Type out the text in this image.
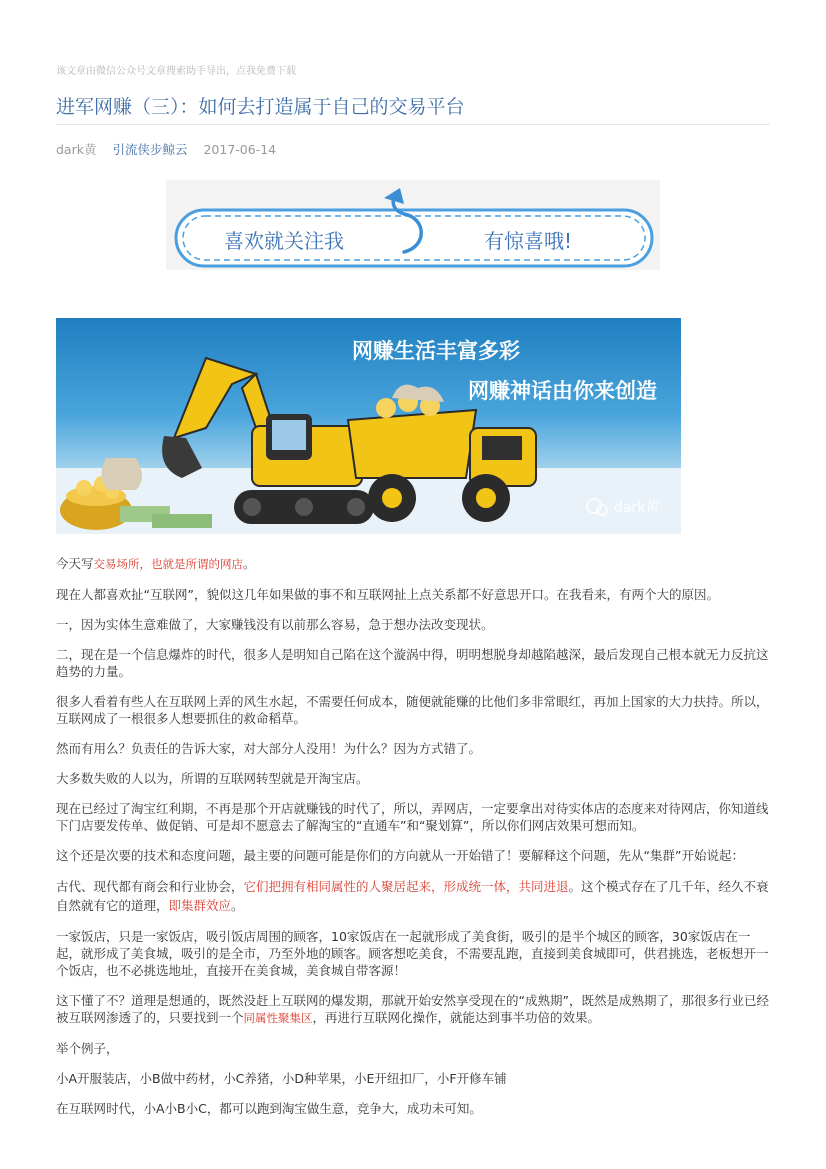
该文章由微信公众号文章搜索助手导出，点我免费下载
进军网赚（三）：如何去打造属于自己的交易平台
dark黄 引流侠步鲸云 2017-06-14
喜欢就关注我	有惊喜哦!
网赚生活丰富多彩
网赚神话由你来创造
dark黄

今天写交易场所，也就是所谓的网店。

现在人都喜欢扯“互联网”，貌似这几年如果做的事不和互联网扯上点关系都不好意思开口。在我看来，有两个大的原因。

一，因为实体生意难做了，大家赚钱没有以前那么容易，急于想办法改变现状。

二，现在是一个信息爆炸的时代，很多人是明知自己陷在这个漩涡中得，明明想脱身却越陷越深，最后发现自己根本就无力反抗这趋势的力量。

很多人看着有些人在互联网上弄的风生水起，不需要任何成本，随便就能赚的比他们多非常眼红，再加上国家的大力扶持。所以，互联网成了一根很多人想要抓住的救命稻草。

然而有用么？负责任的告诉大家，对大部分人没用！为什么？因为方式错了。

大多数失败的人以为，所谓的互联网转型就是开淘宝店。

现在已经过了淘宝红利期，不再是那个开店就赚钱的时代了，所以，弄网店，一定要拿出对待实体店的态度来对待网店，你知道线下门店要发传单、做促销、可是却不愿意去了解淘宝的“直通车”和“聚划算”，所以你们网店效果可想而知。

这个还是次要的技术和态度问题，最主要的问题可能是你们的方向就从一开始错了！要解释这个问题，先从“集群”开始说起：

古代、现代都有商会和行业协会，它们把拥有相同属性的人聚居起来，形成统一体，共同进退。这个模式存在了几千年，经久不衰自然就有它的道理，即集群效应。

一家饭店，只是一家饭店，吸引饭店周围的顾客，10家饭店在一起就形成了美食街，吸引的是半个城区的顾客，30家饭店在一起，就形成了美食城，吸引的是全市，乃至外地的顾客。顾客想吃美食，不需要乱跑，直接到美食城即可，供君挑选，老板想开一个饭店，也不必挑选地址，直接开在美食城，美食城自带客源！

这下懂了不？道理是想通的，既然没赶上互联网的爆发期，那就开始安然享受现在的“成熟期”，既然是成熟期了，那很多行业已经被互联网渗透了的，只要找到一个同属性聚集区，再进行互联网化操作，就能达到事半功倍的效果。

举个例子，

小A开服装店，小B做中药材，小C养猪，小D种苹果，小E开纽扣厂，小F开修车铺

在互联网时代，小A小B小C，都可以跑到淘宝做生意，竞争大，成功未可知。
